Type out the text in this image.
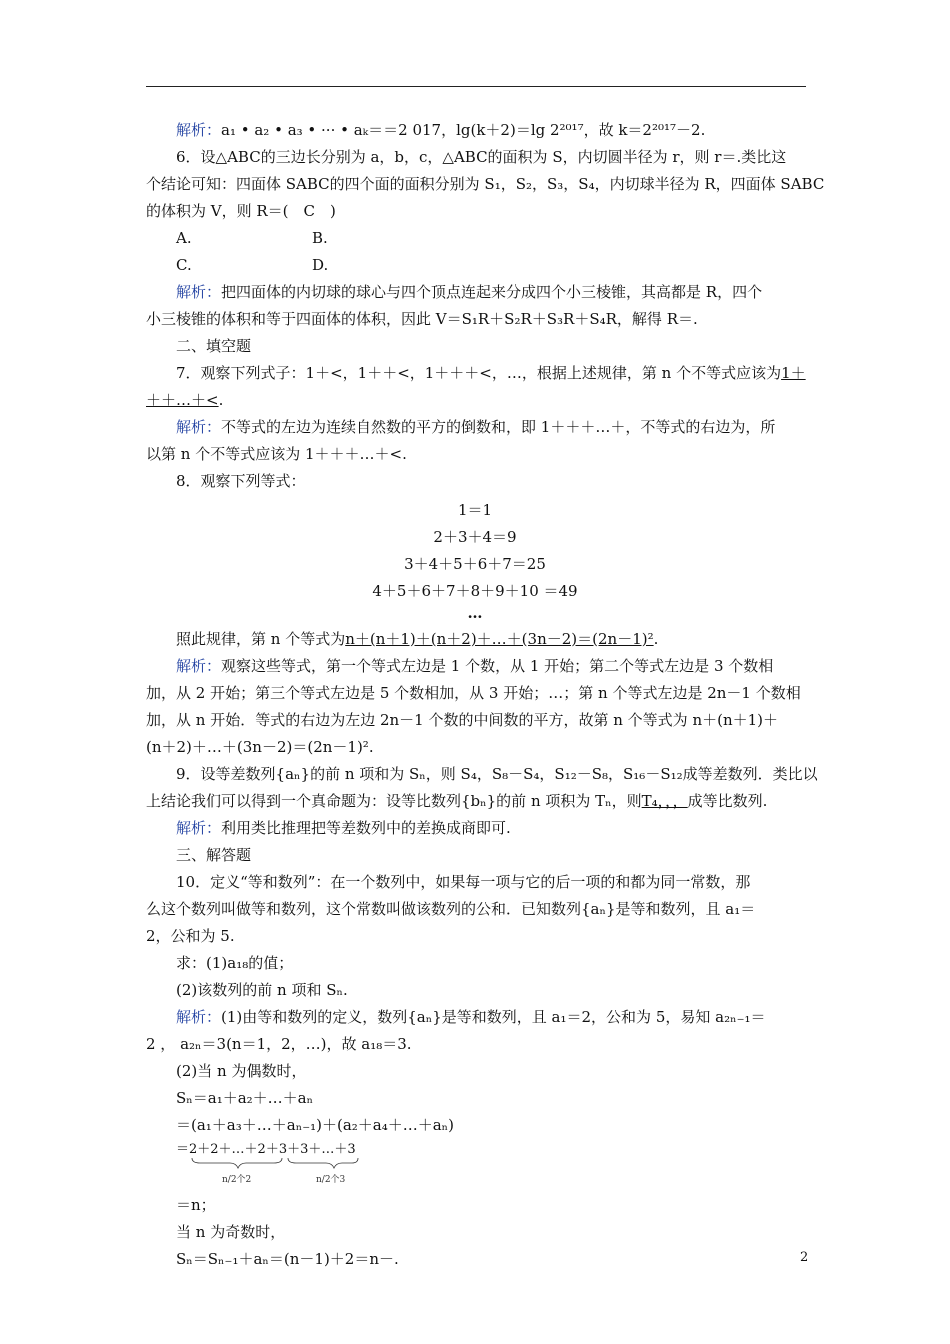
解析：a₁ • a₂ • a₃ • ··· • aₖ＝＝2 017，lg(k＋2)＝lg 2²⁰¹⁷，故 k＝2²⁰¹⁷－2.
6．设△ABC的三边长分别为 a，b，c，△ABC的面积为 S，内切圆半径为 r，则 r＝.类比这
个结论可知：四面体 SABC的四个面的面积分别为 S₁，S₂，S₃，S₄，内切球半径为 R，四面体 SABC
的体积为 V，则 R＝(　C　)
A.	B.
C.	D.
解析：把四面体的内切球的球心与四个顶点连起来分成四个小三棱锥，其高都是 R，四个
小三棱锥的体积和等于四面体的体积，因此 V＝S₁R＋S₂R＋S₃R＋S₄R，解得 R＝.
二、填空题
7．观察下列式子：1＋<，1＋＋<，1＋＋＋<，…，根据上述规律，第 n 个不等式应该为1＋
＋＋…＋<.
解析：不等式的左边为连续自然数的平方的倒数和，即 1＋＋＋…＋，不等式的右边为，所
以第 n 个不等式应该为 1＋＋＋…＋<.
8．观察下列等式：
1＝1
2＋3＋4＝9
3＋4＋5＋6＋7＝25
4＋5＋6＋7＋8＋9＋10 ＝49
…
照此规律，第 n 个等式为n＋(n＋1)＋(n＋2)＋…＋(3n－2)＝(2n－1)².
解析：观察这些等式，第一个等式左边是 1 个数，从 1 开始；第二个等式左边是 3 个数相
加，从 2 开始；第三个等式左边是 5 个数相加，从 3 开始；…；第 n 个等式左边是 2n－1 个数相
加，从 n 开始．等式的右边为左边 2n－1 个数的中间数的平方，故第 n 个等式为 n＋(n＋1)＋
(n＋2)＋…＋(3n－2)＝(2n－1)².
9．设等差数列{aₙ}的前 n 项和为 Sₙ，则 S₄，S₈－S₄，S₁₂－S₈，S₁₆－S₁₂成等差数列．类比以
上结论我们可以得到一个真命题为：设等比数列{bₙ}的前 n 项积为 Tₙ，则T₄，，，成等比数列.
解析：利用类比推理把等差数列中的差换成商即可.
三、解答题
10．定义“等和数列”：在一个数列中，如果每一项与它的后一项的和都为同一常数，那
么这个数列叫做等和数列，这个常数叫做该数列的公和．已知数列{aₙ}是等和数列，且 a₁＝
2，公和为 5.
求：(1)a₁₈的值；
(2)该数列的前 n 项和 Sₙ.
解析：(1)由等和数列的定义，数列{aₙ}是等和数列，且 a₁＝2，公和为 5，易知 a₂ₙ₋₁＝
2 ， a₂ₙ＝3(n＝1，2，…)，故 a₁₈＝3.
(2)当 n 为偶数时，
Sₙ＝a₁＋a₂＋…＋aₙ
＝(a₁＋a₃＋…＋aₙ₋₁)＋(a₂＋a₄＋…＋aₙ)
＝2＋2＋…＋2＋3＋3＋…＋3
n/2个2	n/2个3
＝n；
当 n 为奇数时，
Sₙ＝Sₙ₋₁＋aₙ＝(n－1)＋2＝n－.	2
